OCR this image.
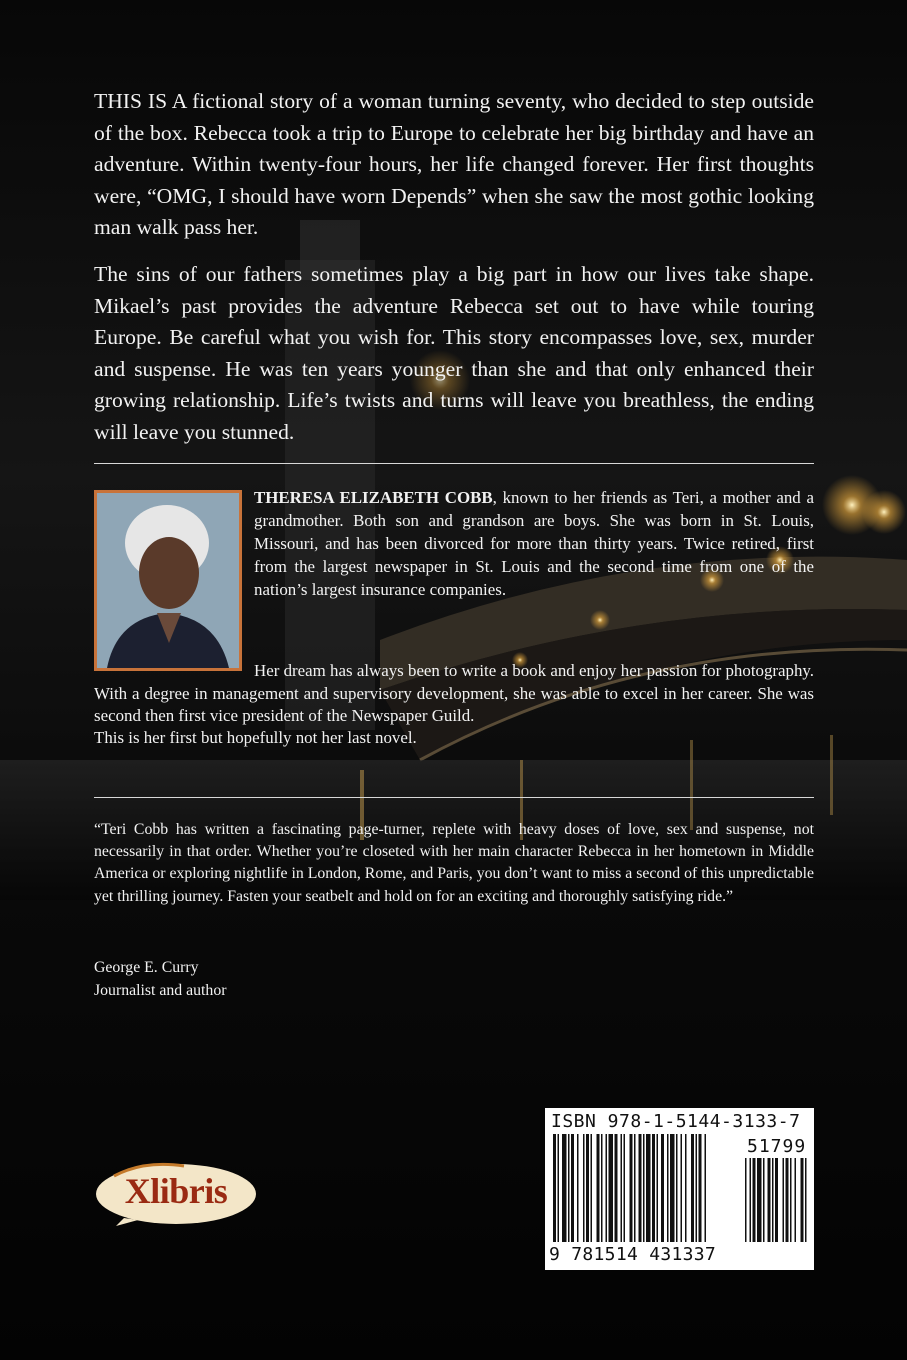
THIS IS A fictional story of a woman turning seventy, who decided to step outside of the box. Rebecca took a trip to Europe to celebrate her big birthday and have an adventure. Within twenty-four hours, her life changed forever. Her first thoughts were, “OMG, I should have worn Depends” when she saw the most gothic looking man walk pass her.

The sins of our fathers sometimes play a big part in how our lives take shape. Mikael’s past provides the adventure Rebecca set out to have while touring Europe. Be careful what you wish for. This story encompasses love, sex, murder and suspense. He was ten years younger than she and that only enhanced their growing relationship. Life’s twists and turns will leave you breathless, the ending will leave you stunned.

THERESA ELIZABETH COBB, known to her friends as Teri, a mother and a grandmother. Both son and grandson are boys. She was born in St. Louis, Missouri, and has been divorced for more than thirty years. Twice retired, first from the largest newspaper in St. Louis and the second time from one of the nation’s largest insurance companies.

Her dream has always been to write a book and enjoy her passion for photography. With a degree in management and supervisory development, she was able to excel in her career. She was second then first vice president of the Newspaper Guild.

This is her first but hopefully not her last novel.

“Teri Cobb has written a fascinating page-turner, replete with heavy doses of love, sex and suspense, not necessarily in that order. Whether you’re closeted with her main character Rebecca in her hometown in Middle America or exploring nightlife in London, Rome, and Paris, you don’t want to miss a second of this unpredictable yet thrilling journey. Fasten your seatbelt and hold on for an exciting and thoroughly satisfying ride.”

George E. Curry
Journalist and author

Xlibris
ISBN 978-1-5144-3133-7
51799
9 781514 431337
